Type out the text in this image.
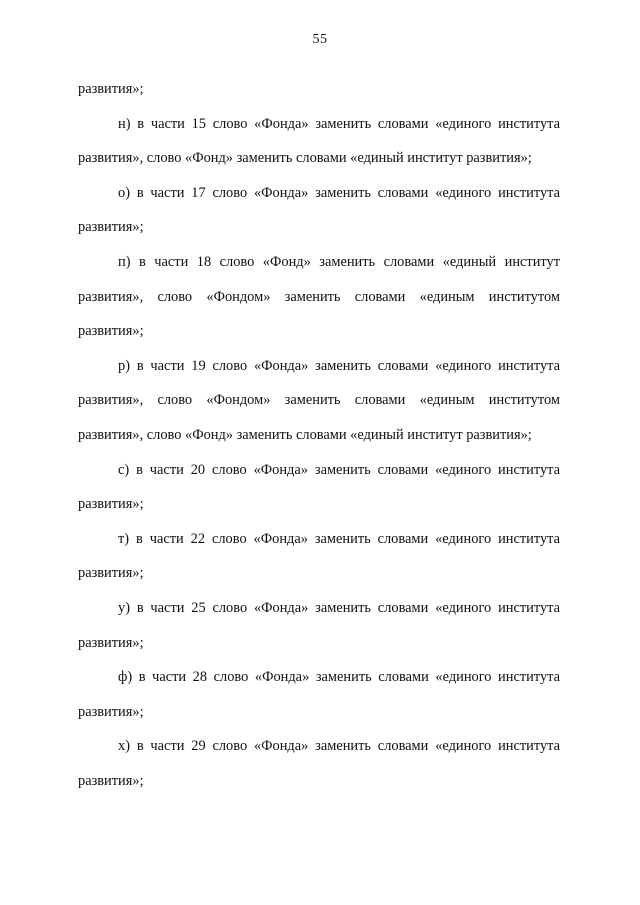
55

развития»;

н) в части 15 слово «Фонда» заменить словами «единого института развития», слово «Фонд» заменить словами «единый институт развития»;

о) в части 17 слово «Фонда» заменить словами «единого института развития»;

п) в части 18 слово «Фонд» заменить словами «единый институт развития», слово «Фондом» заменить словами «единым институтом развития»;

р) в части 19 слово «Фонда» заменить словами «единого института развития», слово «Фондом» заменить словами «единым институтом развития», слово «Фонд» заменить словами «единый институт развития»;

с) в части 20 слово «Фонда» заменить словами «единого института развития»;

т) в части 22 слово «Фонда» заменить словами «единого института развития»;

у) в части 25 слово «Фонда» заменить словами «единого института развития»;

ф) в части 28 слово «Фонда» заменить словами «единого института развития»;

х) в части 29 слово «Фонда» заменить словами «единого института развития»;
